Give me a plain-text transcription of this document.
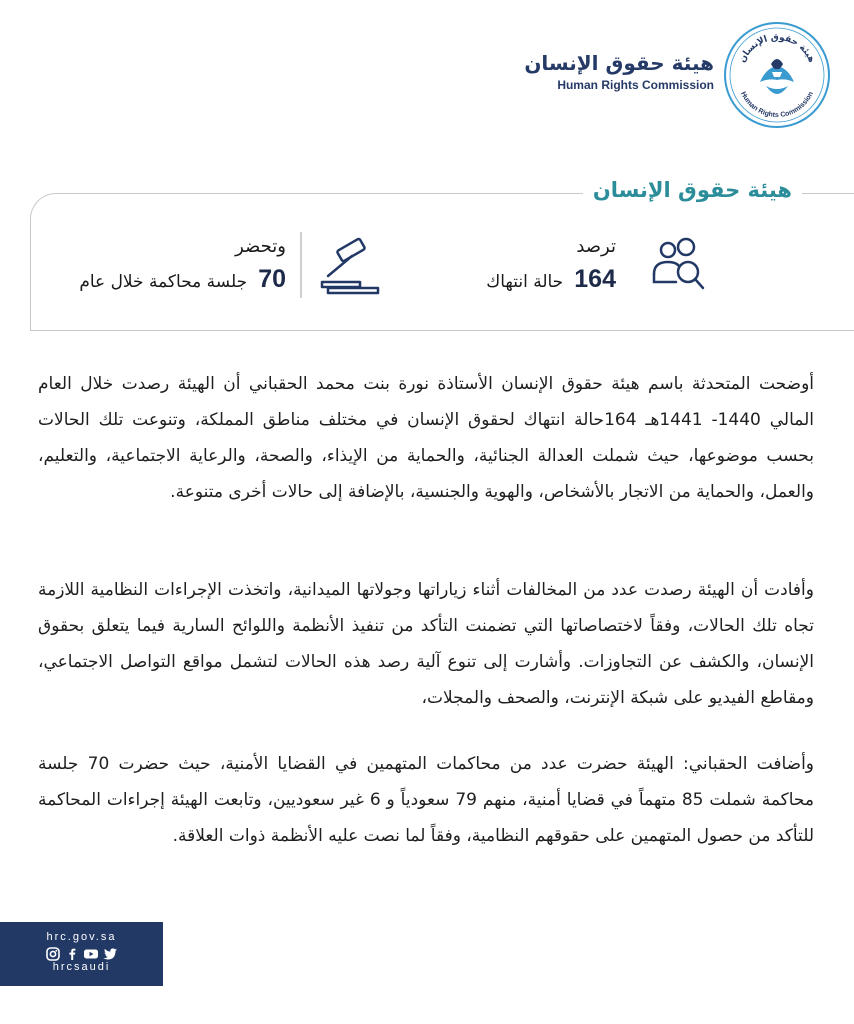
هيئة حقوق الإنسان
Human Rights Commission
هيئة حقوق الإنسان
Human Rights Commission
هيئة حقوق الإنسان
ترصد
164 حالة انتهاك
وتحضر
70 جلسة محاكمة خلال عام

أوضحت المتحدثة باسم هيئة حقوق الإنسان الأستاذة نورة بنت محمد الحقباني أن الهيئة رصدت خلال العام المالي 1440- 1441هـ 164حالة انتهاك لحقوق الإنسان في مختلف مناطق المملكة، وتنوعت تلك الحالات بحسب موضوعها، حيث شملت العدالة الجنائية، والحماية من الإيذاء، والصحة، والرعاية الاجتماعية، والتعليم، والعمل، والحماية من الاتجار بالأشخاص، والهوية والجنسية، بالإضافة إلى حالات أخرى متنوعة.

وأفادت أن الهيئة رصدت عدد من المخالفات أثناء زياراتها وجولاتها الميدانية، واتخذت الإجراءات النظامية اللازمة تجاه تلك الحالات، وفقاً لاختصاصاتها التي تضمنت التأكد من تنفيذ الأنظمة واللوائح السارية فيما يتعلق بحقوق الإنسان، والكشف عن التجاوزات. وأشارت إلى تنوع آلية رصد هذه الحالات لتشمل مواقع التواصل الاجتماعي، ومقاطع الفيديو على شبكة الإنترنت، والصحف والمجلات،

وأضافت الحقباني: الهيئة حضرت عدد من محاكمات المتهمين في القضايا الأمنية، حيث حضرت 70 جلسة محاكمة شملت 85 متهماً في قضايا أمنية، منهم 79 سعودياً و 6 غير سعوديين، وتابعت الهيئة إجراءات المحاكمة للتأكد من حصول المتهمين على حقوقهم النظامية، وفقاً لما نصت عليه الأنظمة ذوات العلاقة.

hrc.gov.sa
hrcsaudi
